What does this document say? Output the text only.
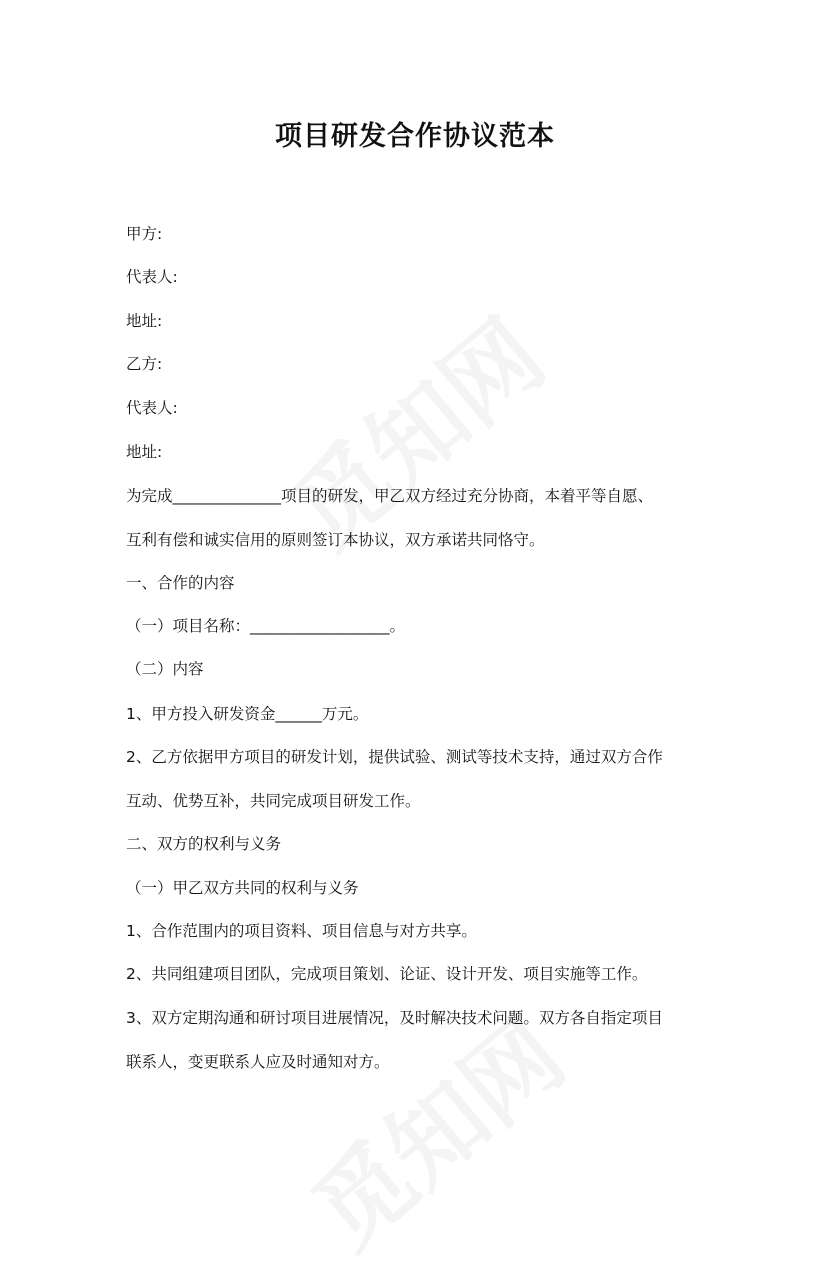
项目研发合作协议范本
甲方:
代表人:
地址:
乙方:
代表人:
地址:
为完成______________项目的研发，甲乙双方经过充分协商，本着平等自愿、
互利有偿和诚实信用的原则签订本协议，双方承诺共同恪守。
一、合作的内容
（一）项目名称：__________________。
（二）内容
1、甲方投入研发资金______万元。
2、乙方依据甲方项目的研发计划，提供试验、测试等技术支持，通过双方合作
互动、优势互补，共同完成项目研发工作。
二、双方的权利与义务
（一）甲乙双方共同的权利与义务
1、合作范围内的项目资料、项目信息与对方共享。
2、共同组建项目团队，完成项目策划、论证、设计开发、项目实施等工作。
3、双方定期沟通和研讨项目进展情况，及时解决技术问题。双方各自指定项目
联系人，变更联系人应及时通知对方。
